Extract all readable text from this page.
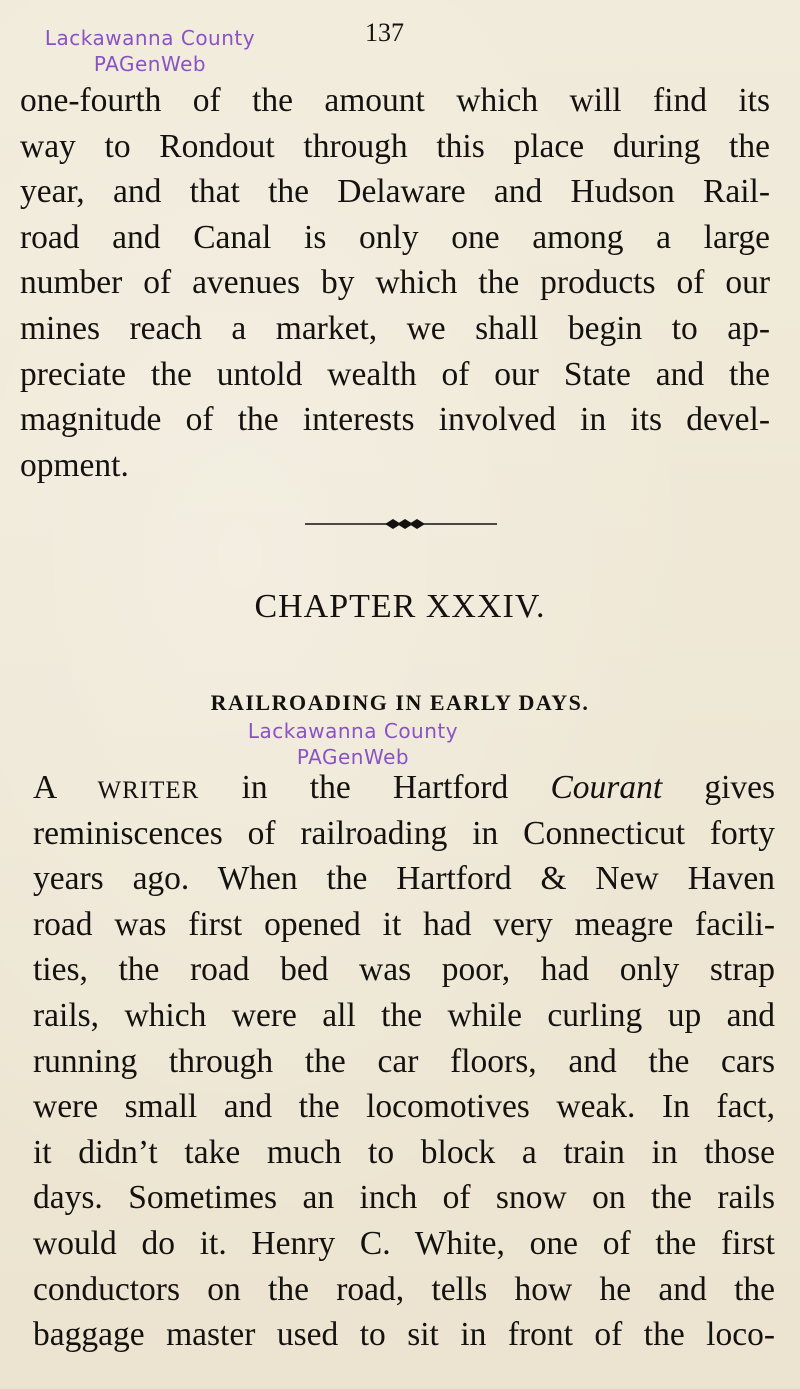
Lackawanna County
PAGenWeb
137
one-fourth of the amount which will find its
way to Rondout through this place during the
year, and that the Delaware and Hudson Rail-
road and Canal is only one among a large
number of avenues by which the products of our
mines reach a market, we shall begin to ap-
preciate the untold wealth of our State and the
magnitude of the interests involved in its devel-
opment.
CHAPTER XXXIV.
RAILROADING IN EARLY DAYS.
Lackawanna County
PAGenWeb
A WRITER in the Hartford Courant gives
reminiscences of railroading in Connecticut forty
years ago. When the Hartford & New Haven
road was first opened it had very meagre facili-
ties, the road bed was poor, had only strap
rails, which were all the while curling up and
running through the car floors, and the cars
were small and the locomotives weak. In fact,
it didn’t take much to block a train in those
days. Sometimes an inch of snow on the rails
would do it. Henry C. White, one of the first
conductors on the road, tells how he and the
baggage master used to sit in front of the loco-
